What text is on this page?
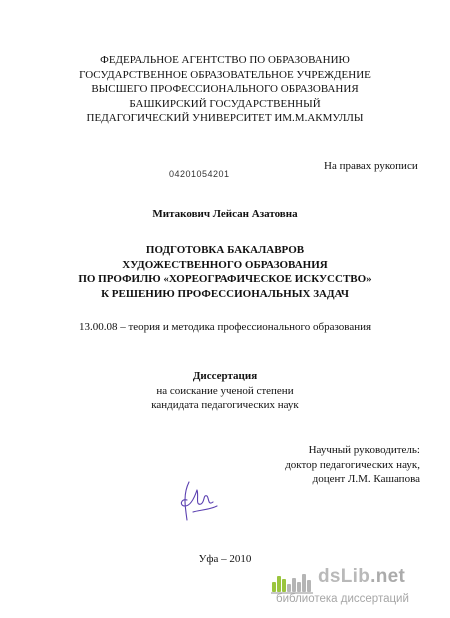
ФЕДЕРАЛЬНОЕ АГЕНТСТВО ПО ОБРАЗОВАНИЮ
ГОСУДАРСТВЕННОЕ ОБРАЗОВАТЕЛЬНОЕ УЧРЕЖДЕНИЕ
ВЫСШЕГО ПРОФЕССИОНАЛЬНОГО ОБРАЗОВАНИЯ
БАШКИРСКИЙ ГОСУДАРСТВЕННЫЙ
ПЕДАГОГИЧЕСКИЙ УНИВЕРСИТЕТ ИМ.М.АКМУЛЛЫ
На правах рукописи
04201054201
Митакович Лейсан Азатовна
ПОДГОТОВКА БАКАЛАВРОВ
ХУДОЖЕСТВЕННОГО ОБРАЗОВАНИЯ
ПО ПРОФИЛЮ «ХОРЕОГРАФИЧЕСКОЕ ИСКУССТВО»
К РЕШЕНИЮ ПРОФЕССИОНАЛЬНЫХ ЗАДАЧ
13.00.08 – теория и методика профессионального образования
Диссертация
на соискание ученой степени
кандидата педагогических наук
Научный руководитель:
доктор педагогических наук,
доцент Л.М. Кашапова
Уфа – 2010
dsLib.net
библиотека диссертаций
